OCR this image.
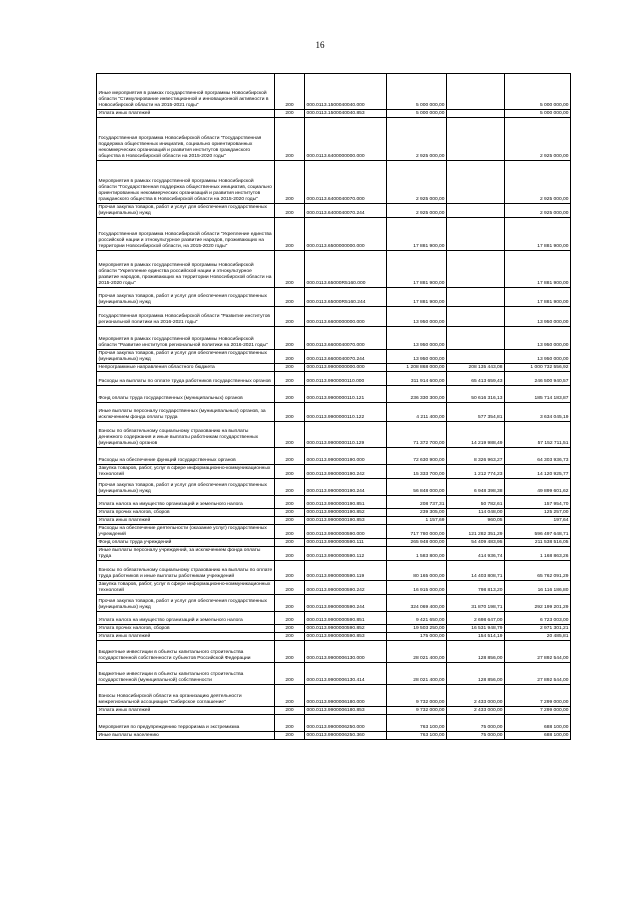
16
Иные мероприятия в рамках государственной программы Новосибирской области "Стимулирование инвестиционной и инновационной активности в Новосибирской области на 2015-2021 годы"	200	000.0113.1500040040.000	5 000 000,00		5 000 000,00
Уплата иных платежей	200	000.0113.1500040040.853	5 000 000,00		5 000 000,00
Государственная программа Новосибирской области "Государственная поддержка общественных инициатив, социально ориентированных некоммерческих организаций и развития институтов гражданского общества в Новосибирской области на 2015-2020 годы"	200	000.0113.6400000000.000	2 925 000,00		2 925 000,00
Мероприятия в рамках государственной программы Новосибирской области "Государственная поддержка общественных инициатив, социально ориентированных некоммерческих организаций и развития институтов гражданского общества в Новосибирской области на 2015-2020 годы"	200	000.0113.6400040070.000	2 925 000,00		2 925 000,00
Прочая закупка товаров, работ и услуг для обеспечения государственных (муниципальных) нужд	200	000.0113.6400040070.244	2 925 000,00		2 925 000,00
Государственная программа Новосибирской области "Укрепление единства российской нации и этнокультурное развитие народов, проживающих на территории Новосибирской области, на 2015-2020 годы"	200	000.0113.6500000000.000	17 881 900,00		17 881 900,00
Мероприятия в рамках государственной программы Новосибирской области "Укрепление единства российской нации и этнокультурное развитие народов, проживающих на территории Новосибирской области на 2015-2020 годы"	200	000.0113.65000R5160.000	17 881 900,00		17 881 900,00
Прочая закупка товаров, работ и услуг для обеспечения государственных (муниципальных) нужд	200	000.0113.65000R5160.244	17 881 900,00		17 881 900,00
Государственная программа Новосибирской области "Развитие институтов региональной политики на 2016-2021 годы"	200	000.0113.6600000000.000	13 950 000,00		13 950 000,00
Мероприятия в рамках государственной программы Новосибирской области "Развитие институтов региональной политики на 2016-2021 годы"	200	000.0113.6600040070.000	13 950 000,00		13 950 000,00
Прочая закупка товаров, работ и услуг для обеспечения государственных (муниципальных) нужд	200	000.0113.6600040070.244	13 950 000,00		13 950 000,00
Непрограммные направления областного бюджета	200	000.0113.9900000000.000	1 208 868 000,00	208 135 443,08	1 000 732 556,92
Расходы на выплаты по оплате труда работников государственных органов	200	000.0113.9900000110.000	311 914 600,00	65 413 659,43	246 500 940,57
Фонд оплаты труда государственных (муниципальных) органов	200	000.0113.9900000110.121	236 330 300,00	50 616 316,13	185 714 183,87
Иные выплаты персоналу государственных (муниципальных) органов, за исключением фонда оплаты труда	200	000.0113.9900000110.122	4 211 400,00	577 354,81	3 634 045,19
Взносы по обязательному социальному страхованию на выплаты денежного содержания и иные выплаты работникам государственных (муниципальных) органов	200	000.0113.9900000110.129	71 372 700,00	14 219 988,49	57 152 711,51
Расходы на обеспечение функций государственных органов	200	000.0113.9900000190.000	72 630 900,00	8 326 963,27	64 303 936,73
Закупка товаров, работ, услуг в сфере информационно-коммуникационных технологий	200	000.0113.9900000190.242	15 333 700,00	1 212 774,23	14 120 925,77
Прочая закупка товаров, работ и услуг для обеспечения государственных (муниципальных) нужд	200	000.0113.9900000190.244	56 848 000,00	6 948 398,38	49 899 601,62
Уплата налога на имущество организаций и земельного налога	200	000.0113.9900000190.851	208 737,31	50 782,61	157 954,70
Уплата прочих налогов, сборов	200	000.0113.9900000190.852	239 305,00	114 048,00	125 257,00
Уплата иных платежей	200	000.0113.9900000190.853	1 157,69	960,05	197,64
Расходы на обеспечение деятельности (оказание услуг) государственных учреждений	200	000.0113.9900000590.000	717 780 000,00	121 282 351,29	596 497 648,71
Фонд оплаты труда учреждений	200	000.0113.9900000590.111	265 948 000,00	54 409 483,95	211 538 516,05
Иные выплаты персоналу учреждений, за исключением фонда оплаты труда	200	000.0113.9900000590.112	1 583 800,00	414 936,74	1 168 863,26
Взносы по обязательному социальному страхованию на выплаты по оплате труда работников и иные выплаты работникам учреждений	200	000.0113.9900000590.119	80 165 000,00	14 403 808,71	65 762 091,29
Закупка товаров, работ, услуг в сфере информационно-коммуникационных технологий	200	000.0113.9900000590.242	16 915 000,00	798 813,20	16 116 186,80
Прочая закупка товаров, работ и услуг для обеспечения государственных (муниципальных) нужд	200	000.0113.9900000590.244	324 069 400,00	31 870 198,71	292 199 201,29
Уплата налога на имущество организаций и земельного налога	200	000.0113.9900000590.851	9 421 650,00	2 698 647,00	6 723 003,00
Уплата прочих налогов, сборов	200	000.0113.9900000590.852	19 503 250,00	16 531 948,79	2 971 301,21
Уплата иных платежей	200	000.0113.9900000590.853	175 000,00	154 514,19	20 485,81
Бюджетные инвестиции в объекты капитального строительства государственной собственности субъектов Российской Федерации	200	000.0113.9900006130.000	28 021 400,00	128 856,00	27 892 544,00
Бюджетные инвестиции в объекты капитального строительства государственной (муниципальной) собственности	200	000.0113.9900006130.414	28 021 400,00	128 856,00	27 892 544,00
Взносы Новосибирской области на организацию деятельности межрегиональной ассоциации "Сибирское соглашение"	200	000.0113.9900006180.000	9 732 000,00	2 433 000,00	7 299 000,00
Уплата иных платежей	200	000.0113.9900006180.853	9 732 000,00	2 433 000,00	7 299 000,00
Мероприятия по предупреждению терроризма и экстремизма	200	000.0113.9900006250.000	763 100,00	75 000,00	688 100,00
Иные выплаты населению	200	000.0113.9900006250.360	763 100,00	75 000,00	688 100,00
